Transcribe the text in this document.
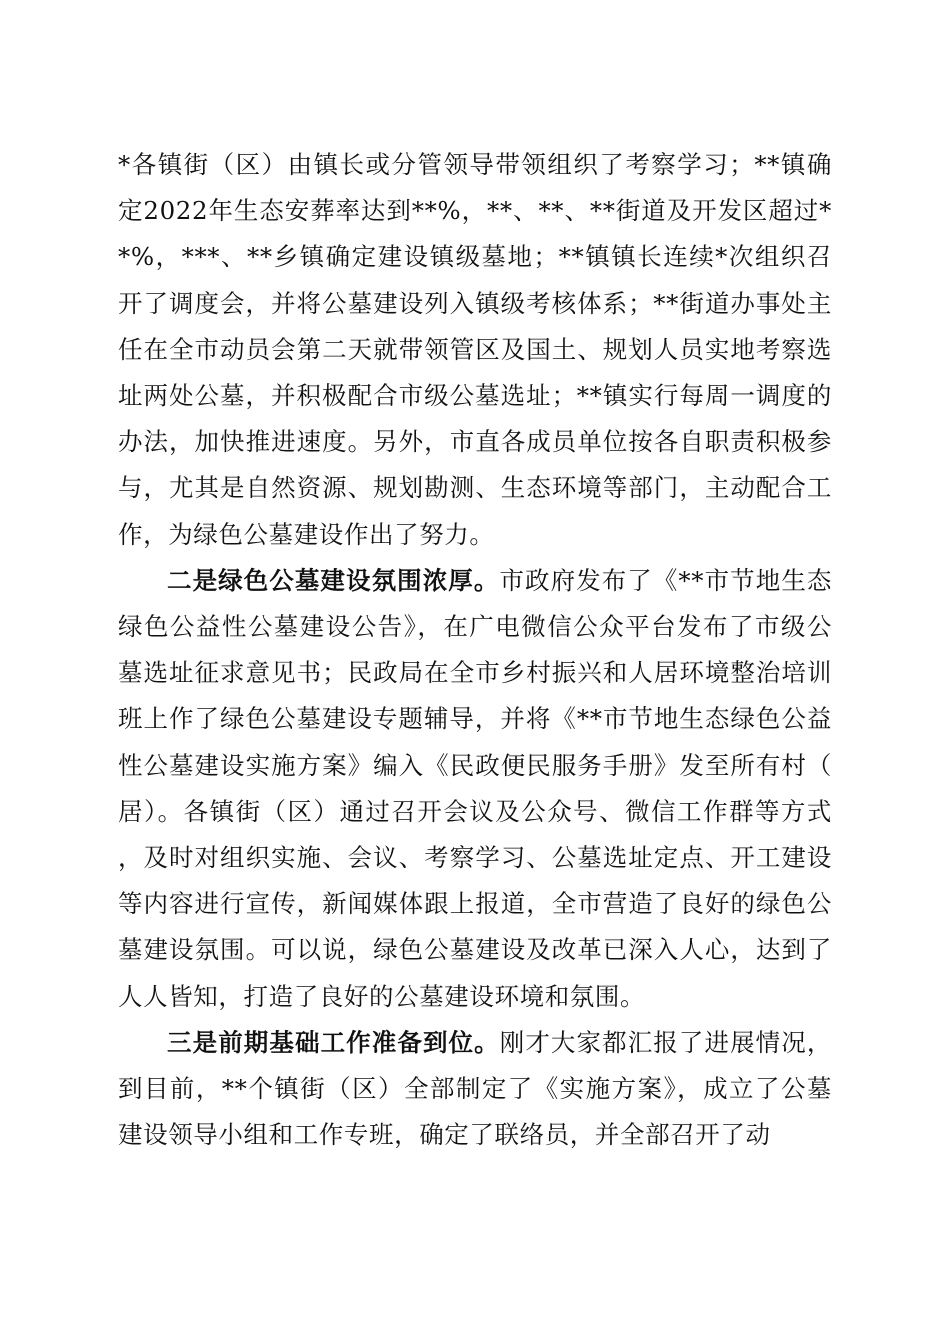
*各镇街（区）由镇长或分管领导带领组织了考察学习；**镇确定2022年生态安葬率达到**%，**、**、**街道及开发区超过**%，***、**乡镇确定建设镇级墓地；**镇镇长连续*次组织召开了调度会，并将公墓建设列入镇级考核体系；**街道办事处主任在全市动员会第二天就带领管区及国土、规划人员实地考察选址两处公墓，并积极配合市级公墓选址；**镇实行每周一调度的办法，加快推进速度。另外，市直各成员单位按各自职责积极参与，尤其是自然资源、规划勘测、生态环境等部门，主动配合工作，为绿色公墓建设作出了努力。

二是绿色公墓建设氛围浓厚。市政府发布了《**市节地生态绿色公益性公墓建设公告》，在广电微信公众平台发布了市级公墓选址征求意见书；民政局在全市乡村振兴和人居环境整治培训班上作了绿色公墓建设专题辅导，并将《**市节地生态绿色公益性公墓建设实施方案》编入《民政便民服务手册》发至所有村（居）。各镇街（区）通过召开会议及公众号、微信工作群等方式，及时对组织实施、会议、考察学习、公墓选址定点、开工建设等内容进行宣传，新闻媒体跟上报道，全市营造了良好的绿色公墓建设氛围。可以说，绿色公墓建设及改革已深入人心，达到了人人皆知，打造了良好的公墓建设环境和氛围。

三是前期基础工作准备到位。刚才大家都汇报了进展情况，到目前，**个镇街（区）全部制定了《实施方案》，成立了公墓建设领导小组和工作专班，确定了联络员，并全部召开了动
